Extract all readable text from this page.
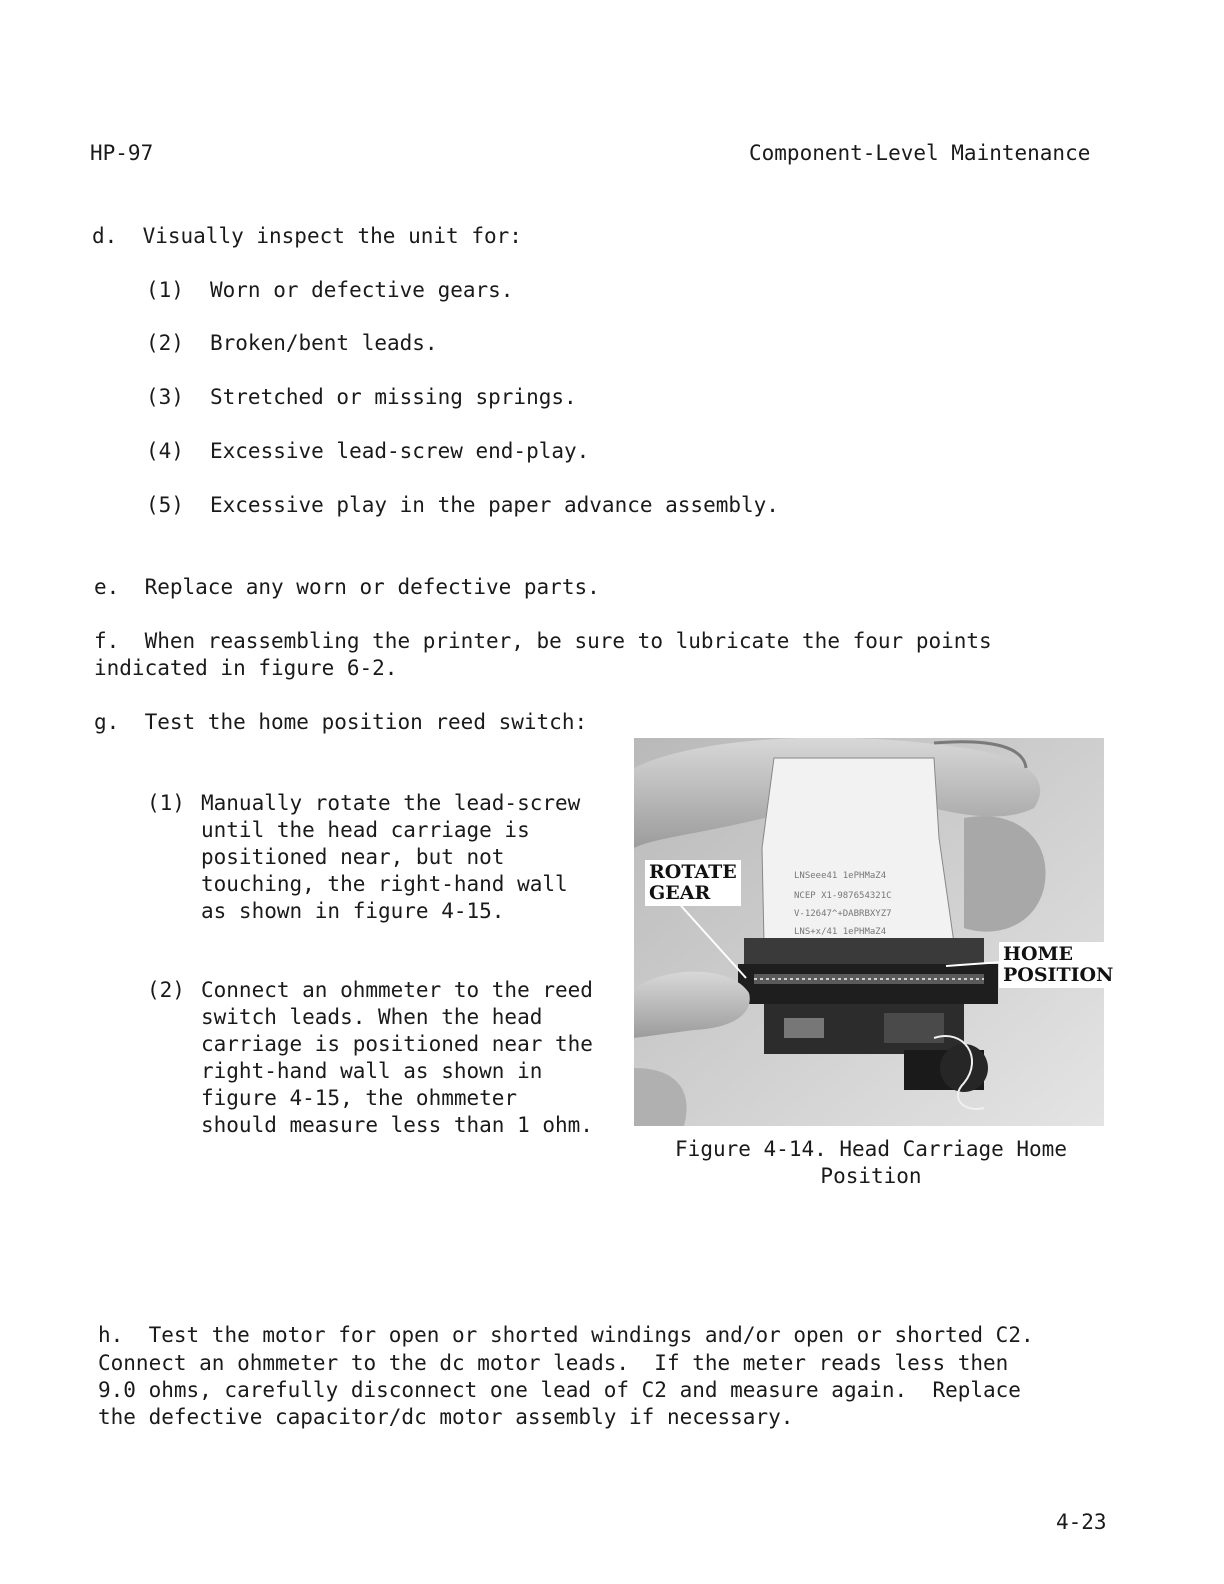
HP-97	Component-Level Maintenance
d. Visually inspect the unit for:
(1) Worn or defective gears.
(2) Broken/bent leads.
(3) Stretched or missing springs.
(4) Excessive lead-screw end-play.
(5) Excessive play in the paper advance assembly.
e. Replace any worn or defective parts.
f. When reassembling the printer, be sure to lubricate the four points
indicated in figure 6-2.
g. Test the home position reed switch:
(1) Manually rotate the lead-screw until the head carriage is positioned near, but not touching, the right-hand wall as shown in figure 4-15.
(2) Connect an ohmmeter to the reed switch leads. When the head carriage is positioned near the right-hand wall as shown in figure 4-15, the ohmmeter should measure less than 1 ohm.
LNSeee41 1ePHMaZ4
NCEP X1-987654321C
V-12647^+DABRBXYZ7
LNS+x/41 1ePHMaZ4
ROTATE
GEAR
HOME
POSITION
Figure 4-14. Head Carriage Home
Position
h. Test the motor for open or shorted windings and/or open or shorted C2.
Connect an ohmmeter to the dc motor leads.  If the meter reads less then
9.0 ohms, carefully disconnect one lead of C2 and measure again.  Replace
the defective capacitor/dc motor assembly if necessary.
4-23
